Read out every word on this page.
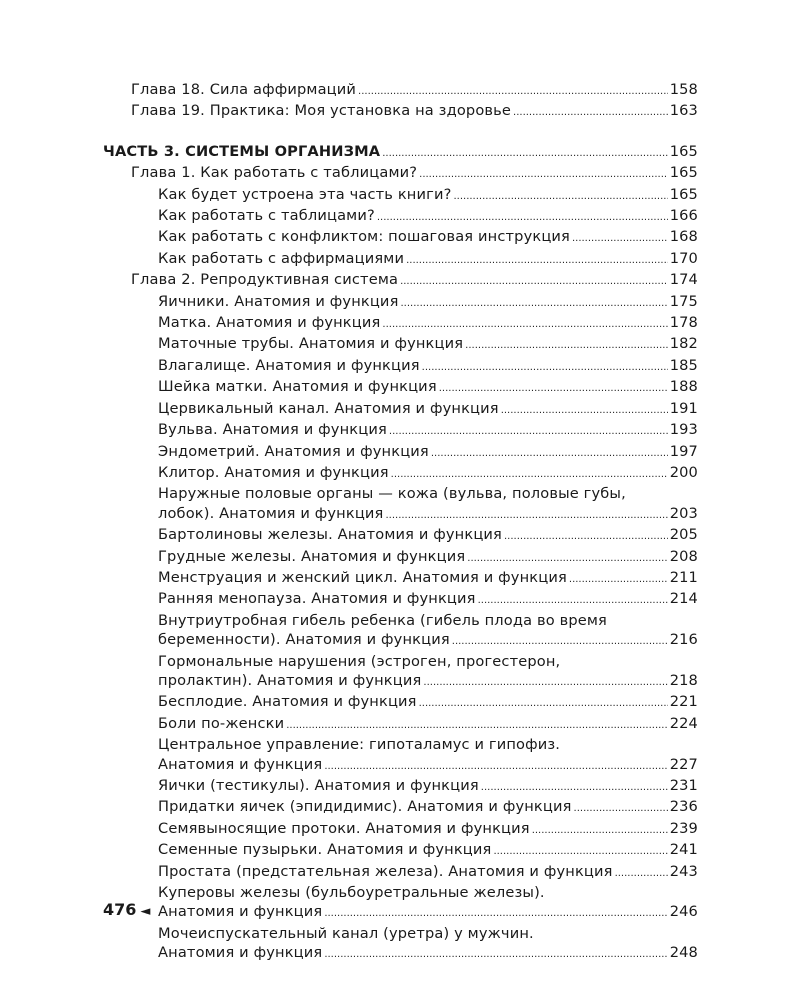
Глава 18. Сила аффирмаций .....	158
Глава 19. Практика: Моя установка на здоровье .....	163
ЧАСТЬ 3. СИСТЕМЫ ОРГАНИЗМА .....	165
Глава 1. Как работать с таблицами? .....	165
Как будет устроена эта часть книги? .....	165
Как работать с таблицами? .....	166
Как работать с конфликтом: пошаговая инструкция .....	168
Как работать с аффирмациями .....	170
Глава 2. Репродуктивная система .....	174
Яичники. Анатомия и функция .....	175
Матка. Анатомия и функция .....	178
Маточные трубы. Анатомия и функция .....	182
Влагалище. Анатомия и функция .....	185
Шейка матки. Анатомия и функция .....	188
Цервикальный канал. Анатомия и функция .....	191
Вульва. Анатомия и функция .....	193
Эндометрий. Анатомия и функция .....	197
Клитор. Анатомия и функция .....	200
Наружные половые органы — кожа (вульва, половые губы,
лобок). Анатомия и функция .....	203
Бартолиновы железы. Анатомия и функция .....	205
Грудные железы. Анатомия и функция .....	208
Менструация и женский цикл. Анатомия и функция .....	211
Ранняя менопауза. Анатомия и функция .....	214
Внутриутробная гибель ребенка (гибель плода во время
беременности). Анатомия и функция .....	216
Гормональные нарушения (эстроген, прогестерон,
пролактин). Анатомия и функция .....	218
Бесплодие. Анатомия и функция .....	221
Боли по-женски .....	224
Центральное управление: гипоталамус и гипофиз.
Анатомия и функция .....	227
Яички (тестикулы). Анатомия и функция .....	231
Придатки яичек (эпидидимис). Анатомия и функция .....	236
Семявыносящие протоки. Анатомия и функция .....	239
Семенные пузырьки. Анатомия и функция .....	241
Простата (предстательная железа). Анатомия и функция .....	243
Куперовы железы (бульбоуретральные железы).
Анатомия и функция .....	246
Мочеиспускательный канал (уретра) у мужчин.
Анатомия и функция .....	248
476 ◄
